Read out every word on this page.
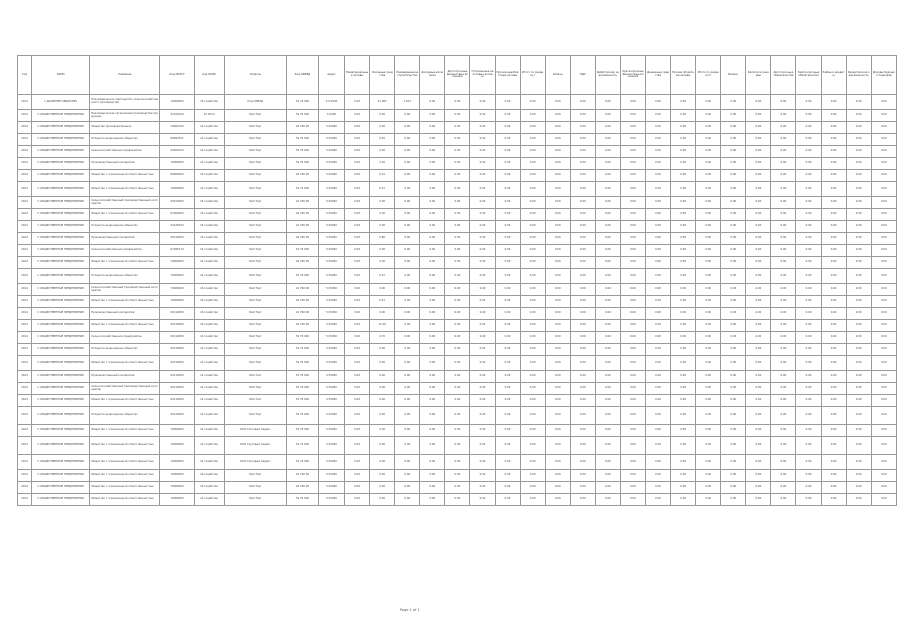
Год	ОКПО	Название	Код ОКОГУ	Код ОКФС	Отрасль	Код ОКВЭД	Адрес	Нематериальные активы	Основные средства	Незавершенное строительство	Доходные вложения	Долгосрочные финансовые вложения	Отложенные налоговые активы	Прочие внеоборотные активы	Итого по разделу I	Запасы	НДС	Дебиторская задолженность	Краткосрочные финансовые вложения	Денежные средства	Прочие оборотные активы	Итого по разделу II	Баланс	Капитал и резервы	Долгосрочные обязательства	Краткосрочные обязательства	Займы и кредиты	Кредиторская задолженность	Доходы будущих периодов
2014	1 ДОЧЕРНЕЕ ОБЩЕСТВО	Некоммерческое партнерство сельскохозяйственного производства	70000000	16 хозяйство	Код ОКВЭД	54 76 000	0 5 0000	0.00	21.087	1.013	0.00	0.00	0.00	0.00	0.00	0.00	0.00	0.00	0.00	0.00	0.00	0.00	0.00	0.00	0.00	0.00	0.00	0.00	0.00
2014	С ОБЩЕСТВЕННЫЕ ПРЕДПРИЯТИЯ	Некоммерческая организация производства продукции	41100100	10 2010	ОАО Торг	54 76 000	5 0000	0.00	0.00	0.00	0.00	0.00	0.00	0.00	0.00	0.00	0.00	0.00	0.00	0.00	0.00	0.00	0.00	0.00	0.00	0.00	0.00	0.00	0.00
2014	С ОБЩЕСТВЕННЫЕ ПРЕДПРИЯТИЯ	Общество производственное	19001000	14 хозяйство	ОАО Торг	44 760 00	5 05000	0.00	0.00	0.00	0.00	0.00	0.00	0.00	0.00	0.00	0.00	0.00	0.00	0.00	0.00	0.00	0.00	0.00	0.00	0.00	0.00	0.00	0.00
2014	С ОБЩЕСТВЕННЫЕ ПРЕДПРИЯТИЯ	Открытое акционерное общество	99002351	14 хозяйство	ОАО Торг	54 76 000	5 05000	0.00	0.25	0.00	0.00	0.00	0.00	0.00	0.00	0.00	0.00	0.00	0.00	0.00	0.00	0.00	0.00	0.00	0.00	0.00	0.00	0.00	0.00
2014	С ОБЩЕСТВЕННЫЕ ПРЕДПРИЯТИЯ	Сельскохозяйственное предприятие	04362023	14 хозяйство	ОАО Торг	54 76 000	5 05000	0.00	0.00	0.00	0.00	0.00	0.00	0.00	0.00	0.00	0.00	0.00	0.00	0.00	0.00	0.00	0.00	0.00	0.00	0.00	0.00	0.00	0.00
2014	С ОБЩЕСТВЕННЫЕ ПРЕДПРИЯТИЯ	Производственный кооператив	70000000	14 хозяйство	ОАО Торг	54 76 000	5 05000	0.00	1.20	0.00	0.00	0.00	0.00	0.00	0.00	0.00	0.00	0.00	0.00	0.00	0.00	0.00	0.00	0.00	0.00	0.00	0.00	0.00	0.00
2014	С ОБЩЕСТВЕННЫЕ ПРЕДПРИЯТИЯ	Общество с ограниченной ответственностью	80000000	16 хозяйство	ОАО Торг	44 760 00	5 05000	0.00	0.01	0.00	0.00	0.00	0.00	0.00	0.00	0.00	0.00	0.00	0.00	0.00	0.00	0.00	0.00	0.00	0.00	0.00	0.00	0.00	0.00
2014	С ОБЩЕСТВЕННЫЕ ПРЕДПРИЯТИЯ	Общество с ограниченной ответственностью	70000000	14 хозяйство	ОАО Торг	54 76 000	5 05000	0.00	0.07	0.00	0.00	0.00	0.00	0.00	0.00	0.00	0.00	0.00	0.00	0.00	0.00	0.00	0.00	0.00	0.00	0.00	0.00	0.00	0.00
2014	С ОБЩЕСТВЕННЫЕ ПРЕДПРИЯТИЯ	Сельскохозяйственный производственный кооператив	00014003	16 хозяйство	ОАО Торг	44 760 00	5 05000	0.00	0.00	0.00	0.00	0.00	0.00	0.00	0.00	0.00	0.00	0.00	0.00	0.00	0.00	0.00	0.00	0.00	0.00	0.00	0.00	0.00	0.00
2014	С ОБЩЕСТВЕННЫЕ ПРЕДПРИЯТИЯ	Общество с ограниченной ответственностью	61000000	16 хозяйство	ОАО Торг	44 760 00	5 05000	0.00	0.00	0.00	0.00	0.00	0.00	0.00	0.00	0.00	0.00	0.00	0.00	0.00	0.00	0.00	0.00	0.00	0.00	0.00	0.00	0.00	0.00
2014	С ОБЩЕСТВЕННЫЕ ПРЕДПРИЯТИЯ	Открытое акционерное общество	24120024	16 хозяйство	ОАО Торг	44 760 00	5 05000	0.00	0.00	0.00	0.00	0.00	0.00	0.00	0.00	0.00	0.00	0.00	0.00	0.00	0.00	0.00	0.00	0.00	0.00	0.00	0.00	0.00	0.00
2014	С ОБЩЕСТВЕННЫЕ ПРЕДПРИЯТИЯ	Производственный кооператив	00110000	16 хозяйство	ОАО Торг	44 760 00	5 05000	0.00	0.80	0.00	0.00	0.00	0.00	0.00	0.00	0.00	0.00	0.00	0.00	0.00	0.00	0.00	0.00	0.00	0.00	0.00	0.00	0.00	0.00
2014	С ОБЩЕСТВЕННЫЕ ПРЕДПРИЯТИЯ	Сельскохозяйственное предприятие	01380174	14 хозяйство	ОАО Торг	54 76 000	5 05000	0.00	0.00	0.00	0.00	0.00	0.00	0.00	0.00	0.00	0.00	0.00	0.00	0.00	0.00	0.00	0.00	0.00	0.00	0.00	0.00	0.00	0.00
2014	С ОБЩЕСТВЕННЫЕ ПРЕДПРИЯТИЯ	Общество с ограниченной ответственностью	19000000	14 хозяйство	ОАО Торг	44 760 00	5 05000	0.00	0.00	0.00	0.00	0.00	0.00	0.00	0.00	0.00	0.00	0.00	0.00	0.00	0.00	0.00	0.00	0.00	0.00	0.00	0.00	0.00	0.00
2014	С ОБЩЕСТВЕННЫЕ ПРЕДПРИЯТИЯ	Открытое акционерное общество	70000000	14 хозяйство	ОАО Торг	54 76 000	5 05000	0.00	0.07	0.00	0.00	0.00	0.00	0.00	0.00	0.00	0.00	0.00	0.00	0.00	0.00	0.00	0.00	0.00	0.00	0.00	0.00	0.00	0.00
2014	С ОБЩЕСТВЕННЫЕ ПРЕДПРИЯТИЯ	Сельскохозяйственный производственный кооператив	70000000	16 хозяйство	ОАО Торг	44 760 00	5 05000	0.00	0.00	0.00	0.00	0.00	0.00	0.00	0.00	0.00	0.00	0.00	0.00	0.00	0.00	0.00	0.00	0.00	0.00	0.00	0.00	0.00	0.00
2014	С ОБЩЕСТВЕННЫЕ ПРЕДПРИЯТИЯ	Общество с ограниченной ответственностью	70000000	16 хозяйство	ОАО Торг	44 760 00	5 05000	0.00	0.41	0.00	0.00	0.00	0.00	0.00	0.00	0.00	0.00	0.00	0.00	0.00	0.00	0.00	0.00	0.00	0.00	0.00	0.00	0.00	0.00
2014	С ОБЩЕСТВЕННЫЕ ПРЕДПРИЯТИЯ	Производственный кооператив	00110000	16 хозяйство	ОАО Торг	44 760 00	5 05000	0.00	0.00	0.00	0.00	0.00	0.00	0.00	0.00	0.00	0.00	0.00	0.00	0.00	0.00	0.00	0.00	0.00	0.00	0.00	0.00	0.00	0.00
2014	С ОБЩЕСТВЕННЫЕ ПРЕДПРИЯТИЯ	Общество с ограниченной ответственностью	00110000	16 хозяйство	ОАО Торг	44 760 00	5 05000	0.00	11.00	0.00	0.00	0.00	0.00	0.00	0.00	0.00	0.00	0.00	0.00	0.00	0.00	0.00	0.00	0.00	0.00	0.00	0.00	0.00	0.00
2014	С ОБЩЕСТВЕННЫЕ ПРЕДПРИЯТИЯ	Сельскохозяйственное предприятие	00110000	14 хозяйство	ОАО Торг	54 76 000	5 05000	0.00	0.70	0.00	0.00	0.00	0.00	0.00	0.00	0.00	0.00	0.00	0.00	0.00	0.00	0.00	0.00	0.00	0.00	0.00	0.00	0.00	0.00
2014	С ОБЩЕСТВЕННЫЕ ПРЕДПРИЯТИЯ	Открытое акционерное общество	00110000	14 хозяйство	ОАО Торг	54 76 000	5 05000	0.00	0.00	0.00	0.00	0.00	0.00	0.00	0.00	0.00	0.00	0.00	0.00	0.00	0.00	0.00	0.00	0.00	0.00	0.00	0.00	0.00	0.00
2014	С ОБЩЕСТВЕННЫЕ ПРЕДПРИЯТИЯ	Общество с ограниченной ответственностью	00110000	14 хозяйство	ОАО Торг	54 76 000	5 05000	0.00	0.00	0.00	0.00	0.00	0.00	0.00	0.00	0.00	0.00	0.00	0.00	0.00	0.00	0.00	0.00	0.00	0.00	0.00	0.00	0.00	0.00
2014	С ОБЩЕСТВЕННЫЕ ПРЕДПРИЯТИЯ	Производственный кооператив	00110000	14 хозяйство	ОАО Торг	54 76 000	5 05000	0.00	0.00	0.00	0.00	0.00	0.00	0.00	0.00	0.00	0.00	0.00	0.00	0.00	0.00	0.00	0.00	0.00	0.00	0.00	0.00	0.00	0.00
2014	С ОБЩЕСТВЕННЫЕ ПРЕДПРИЯТИЯ	Сельскохозяйственный производственный кооператив	00110000	14 хозяйство	ОАО Торг	54 76 000	5 05000	0.00	0.00	0.00	0.00	0.00	0.00	0.00	0.00	0.00	0.00	0.00	0.00	0.00	0.00	0.00	0.00	0.00	0.00	0.00	0.00	0.00	0.00
2014	С ОБЩЕСТВЕННЫЕ ПРЕДПРИЯТИЯ	Общество с ограниченной ответственностью	00110000	14 хозяйство	ОАО Торг	54 76 000	5 05000	0.00	0.00	0.00	0.00	0.00	0.00	0.00	0.00	0.00	0.00	0.00	0.00	0.00	0.00	0.00	0.00	0.00	0.00	0.00	0.00	0.00	0.00
2014	С ОБЩЕСТВЕННЫЕ ПРЕДПРИЯТИЯ	Открытое акционерное общество	00110000	14 хозяйство	ОАО Торг	54 76 000	5 05000	0.00	0.00	0.00	0.00	0.00	0.00	0.00	0.00	0.00	0.00	0.00	0.00	0.00	0.00	0.00	0.00	0.00	0.00	0.00	0.00	0.00	0.00
2014	С ОБЩЕСТВЕННЫЕ ПРЕДПРИЯТИЯ	Общество с ограниченной ответственностью	70000000	14 хозяйство	ООО Торговый Сервис	54 76 000	5 05000	0.00	0.00	0.00	0.00	0.00	0.00	0.00	0.00	0.00	0.00	0.00	0.00	0.00	0.00	0.00	0.00	0.00	0.00	0.00	0.00	0.00	0.00
2014	С ОБЩЕСТВЕННЫЕ ПРЕДПРИЯТИЯ	Общество с ограниченной ответственностью	70000000	14 хозяйство	ООО Торговый Сервис	54 76 000	5 05000	0.00	0.00	0.00	0.00	0.00	0.00	0.00	0.00	0.00	0.00	0.00	0.00	0.00	0.00	0.00	0.00	0.00	0.00	0.00	0.00	0.00	0.00
2014	С ОБЩЕСТВЕННЫЕ ПРЕДПРИЯТИЯ	Общество с ограниченной ответственностью	70000000	14 хозяйство	ООО Торговый Сервис	54 76 000	5 05000	0.00	0.00	0.00	0.00	0.00	0.00	0.00	0.00	0.00	0.00	0.00	0.00	0.00	0.00	0.00	0.00	0.00	0.00	0.00	0.00	0.00	0.00
2014	С ОБЩЕСТВЕННЫЕ ПРЕДПРИЯТИЯ	Общество с ограниченной ответственностью	70000000	16 хозяйство	ОАО Торг	44 760 00	5 05000	0.00	0.00	0.00	0.00	0.00	0.00	0.00	0.00	0.00	0.00	0.00	0.00	0.00	0.00	0.00	0.00	0.00	0.00	0.00	0.00	0.00	0.00
2014	С ОБЩЕСТВЕННЫЕ ПРЕДПРИЯТИЯ	Общество с ограниченной ответственностью	70000000	16 хозяйство	ОАО Торг	44 760 00	5 05000	0.00	0.00	0.00	0.00	0.00	0.00	0.00	0.00	0.00	0.00	0.00	0.00	0.00	0.00	0.00	0.00	0.00	0.00	0.00	0.00	0.00	0.00
2014	С ОБЩЕСТВЕННЫЕ ПРЕДПРИЯТИЯ	Общество с ограниченной ответственностью	70000000	14 хозяйство	ОАО Торг	54 76 000	5 05000	0.00	0.00	0.00	0.00	0.00	0.00	0.00	0.00	0.00	0.00	0.00	0.00	0.00	0.00	0.00	0.00	0.00	0.00	0.00	0.00	0.00	0.00
Page 1 of 1
